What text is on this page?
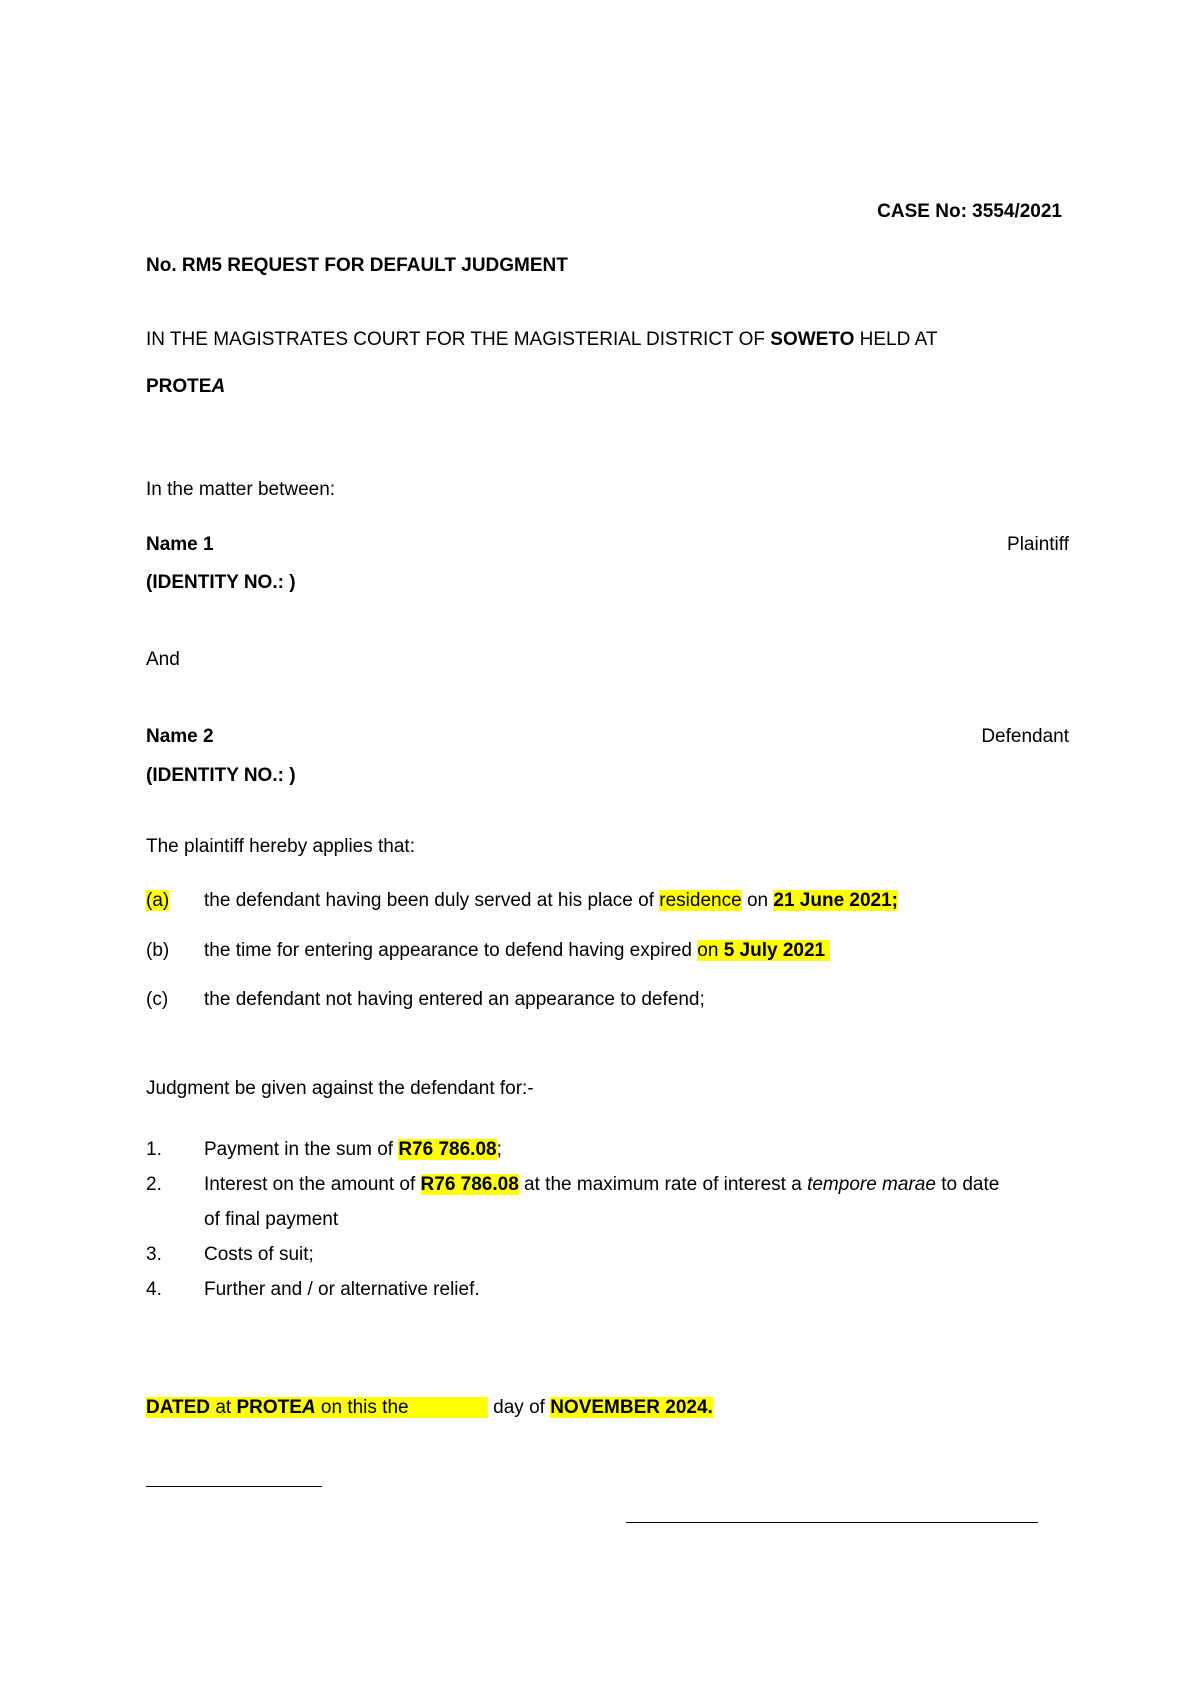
CASE No: 3554/2021
No. RM5 REQUEST FOR DEFAULT JUDGMENT
IN THE MAGISTRATES COURT FOR THE MAGISTERIAL DISTRICT OF SOWETO HELD AT
PROTEA
In the matter between:
Name 1	Plaintiff
(IDENTITY NO.: )
And
Name 2	Defendant
(IDENTITY NO.: )
The plaintiff hereby applies that:
(a) the defendant having been duly served at his place of residence on 21 June 2021;
(b) the time for entering appearance to defend having expired on 5 July 2021
(c) the defendant not having entered an appearance to defend;
Judgment be given against the defendant for:-
1. Payment in the sum of R76 786.08;
2. Interest on the amount of R76 786.08 at the maximum rate of interest a tempore marae to date
of final payment
3. Costs of suit;
4. Further and / or alternative relief.
DATED at PROTEA on this the	day of NOVEMBER 2024.
